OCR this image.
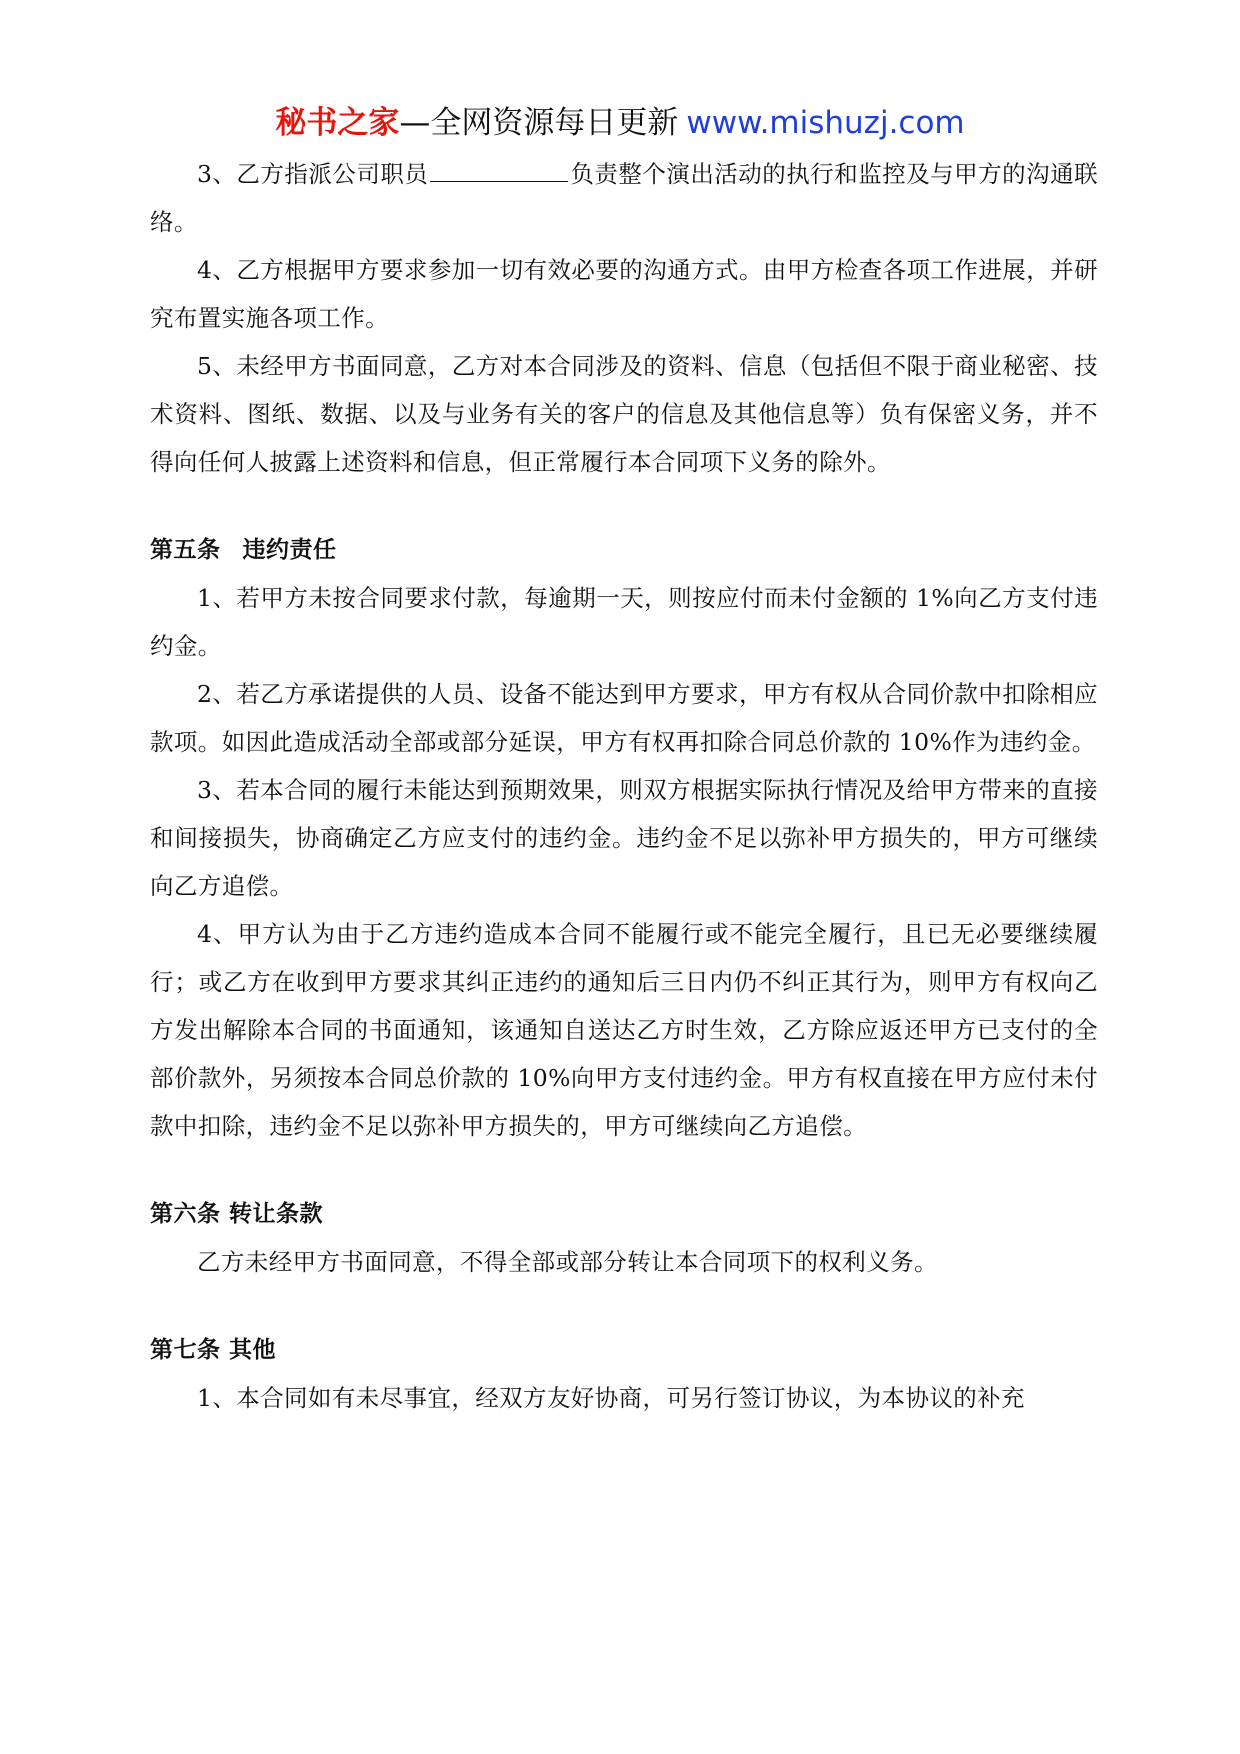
秘书之家—全网资源每日更新 www.mishuzj.com

3、乙方指派公司职员	负责整个演出活动的执行和监控及与甲方的沟通联络。

4、乙方根据甲方要求参加一切有效必要的沟通方式。由甲方检查各项工作进展，并研究布置实施各项工作。

5、未经甲方书面同意，乙方对本合同涉及的资料、信息（包括但不限于商业秘密、技术资料、图纸、数据、以及与业务有关的客户的信息及其他信息等）负有保密义务，并不得向任何人披露上述资料和信息，但正常履行本合同项下义务的除外。

第五条 违约责任

1、若甲方未按合同要求付款，每逾期一天，则按应付而未付金额的 1%向乙方支付违约金。

2、若乙方承诺提供的人员、设备不能达到甲方要求，甲方有权从合同价款中扣除相应款项。如因此造成活动全部或部分延误，甲方有权再扣除合同总价款的 10%作为违约金。

3、若本合同的履行未能达到预期效果，则双方根据实际执行情况及给甲方带来的直接和间接损失，协商确定乙方应支付的违约金。违约金不足以弥补甲方损失的，甲方可继续向乙方追偿。

4、甲方认为由于乙方违约造成本合同不能履行或不能完全履行，且已无必要继续履行；或乙方在收到甲方要求其纠正违约的通知后三日内仍不纠正其行为，则甲方有权向乙方发出解除本合同的书面通知，该通知自送达乙方时生效，乙方除应返还甲方已支付的全部价款外，另须按本合同总价款的 10%向甲方支付违约金。甲方有权直接在甲方应付未付款中扣除，违约金不足以弥补甲方损失的，甲方可继续向乙方追偿。

第六条 转让条款

乙方未经甲方书面同意，不得全部或部分转让本合同项下的权利义务。

第七条 其他

1、本合同如有未尽事宜，经双方友好协商，可另行签订协议，为本协议的补充
